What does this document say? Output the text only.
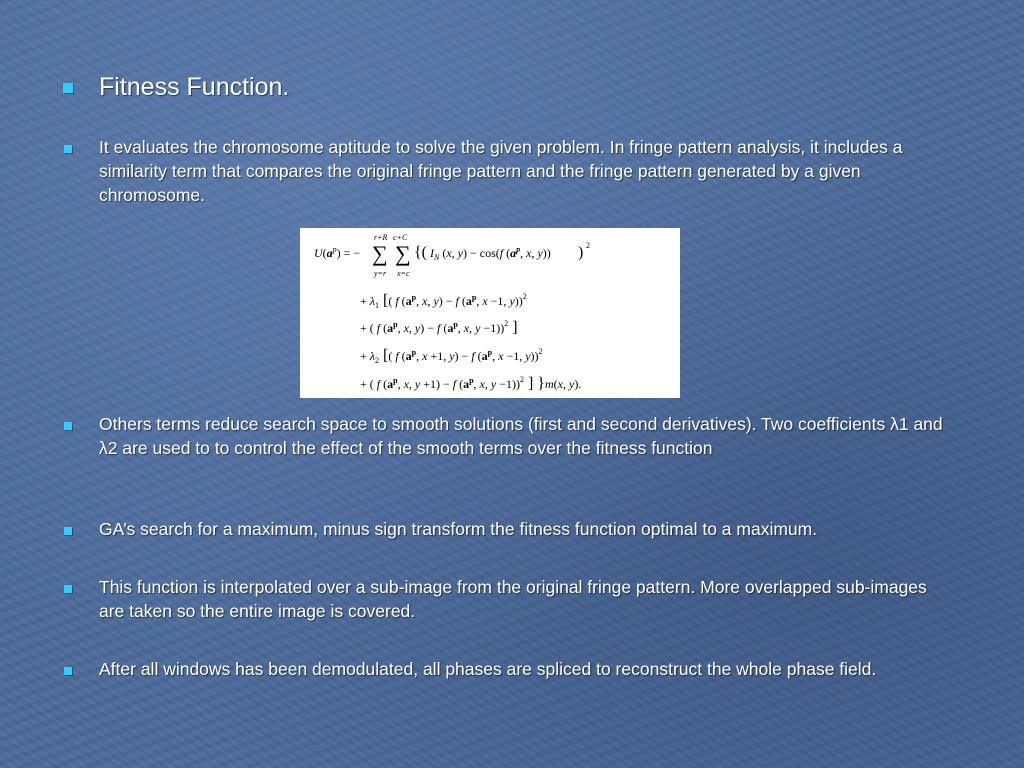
Fitness Function.
It evaluates the chromosome aptitude to solve the given problem. In fringe pattern analysis, it includes a similarity term that compares the original fringe pattern and the fringe pattern generated by a given chromosome.
r+R c+C
$U(a^p)$ = − ∑ ∑
y=r x=c
{( $I_N$ (x, y) − cos(f ($a^p$, x, y)) ) 2
+ $\lambda_1$ [( f ($a^p$, x, y) − f ($a^p$, x −1, y))$^2$
+ ( f ($a^p$, x, y) − f ($a^p$, x, y −1))$^2$ ]
+ $\lambda_2$ [( f ($a^p$, x +1, y) − f ($a^p$, x −1, y))$^2$
+ ( f ($a^p$, x, y +1) − f ($a^p$, x, y −1))$^2$ ] }m(x, y).
Others terms reduce search space to smooth solutions (first and second derivatives). Two coefficients λ1 and λ2 are used to to control the effect of the smooth terms over the fitness function
GA’s search for a maximum, minus sign transform the fitness function optimal to a maximum.
This function is interpolated over a sub-image from the original fringe pattern. More overlapped sub-images are taken so the entire image is covered.
After all windows has been demodulated, all phases are spliced to reconstruct the whole phase field.
